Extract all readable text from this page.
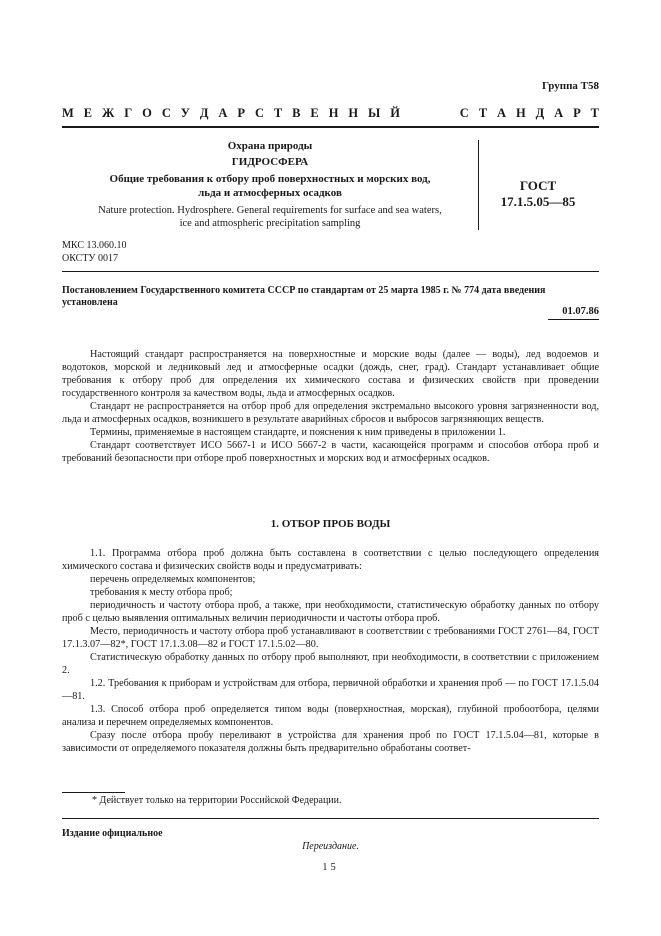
Группа Т58
М Е Ж Г О С У Д А Р С Т В Е Н Н Ы Й	С Т А Н Д А Р Т
Охрана природы
ГИДРОСФЕРА
Общие требования к отбору проб поверхностных и морских вод,
льда и атмосферных осадков
Nature protection. Hydrosphere. General requirements for surface and sea waters,
ice and atmospheric precipitation sampling
ГОСТ
17.1.5.05—85
МКС 13.060.10
ОКСТУ 0017
Постановлением Государственного комитета СССР по стандартам от 25 марта 1985 г. № 774 дата введения установлена
01.07.86

Настоящий стандарт распространяется на поверхностные и морские воды (далее — воды), лед водоемов и водотоков, морской и ледниковый лед и атмосферные осадки (дождь, снег, град). Стандарт устанавливает общие требования к отбору проб для определения их химического состава и физических свойств при проведении государственного контроля за качеством воды, льда и атмосферных осадков.

Стандарт не распространяется на отбор проб для определения экстремально высокого уровня загрязненности вод, льда и атмосферных осадков, возникшего в результате аварийных сбросов и выбросов загрязняющих веществ.

Термины, применяемые в настоящем стандарте, и пояснения к ним приведены в приложении 1.

Стандарт соответствует ИСО 5667-1 и ИСО 5667-2 в части, касающейся программ и способов отбора проб и требований безопасности при отборе проб поверхностных и морских вод и атмосферных осадков.

1. ОТБОР ПРОБ ВОДЫ

1.1. Программа отбора проб должна быть составлена в соответствии с целью последующего определения химического состава и физических свойств воды и предусматривать:

перечень определяемых компонентов;

требования к месту отбора проб;

периодичность и частоту отбора проб, а также, при необходимости, статистическую обработку данных по отбору проб с целью выявления оптимальных величин периодичности и частоты отбора проб.

Место, периодичность и частоту отбора проб устанавливают в соответствии с требованиями ГОСТ 2761—84, ГОСТ 17.1.3.07—82*, ГОСТ 17.1.3.08—82 и ГОСТ 17.1.5.02—80.

Статистическую обработку данных по отбору проб выполняют, при необходимости, в соответствии с приложением 2.

1.2. Требования к приборам и устройствам для отбора, первичной обработки и хранения проб — по ГОСТ 17.1.5.04—81.

1.3. Способ отбора проб определяется типом воды (поверхностная, морская), глубиной пробоотбора, целями анализа и перечнем определяемых компонентов.

Сразу после отбора пробу переливают в устройства для хранения проб по ГОСТ 17.1.5.04—81, которые в зависимости от определяемого показателя должны быть предварительно обработаны соответ-

* Действует только на территории Российской Федерации.
Издание официальное
Переиздание.
15
